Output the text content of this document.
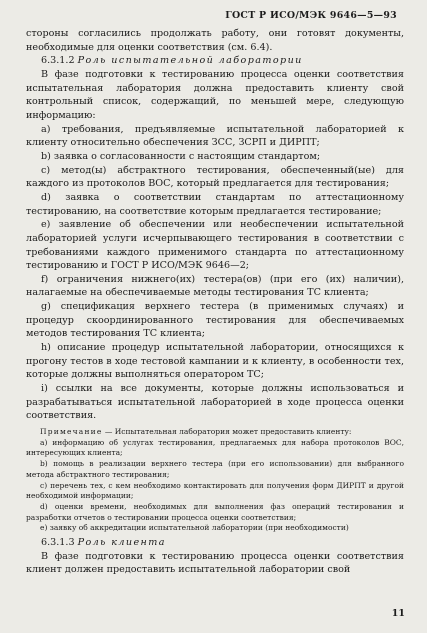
ГОСТ Р ИСО/МЭК 9646—5—93

стороны согласились продолжать работу, они готовят документы, необходимые для оценки соответствия (см. 6.4).

6.3.1.2 Роль испытательной лаборатории

В фазе подготовки к тестированию процесса оценки соответствия испытательная лаборатория должна предоставить клиенту свой контрольный список, содержащий, по меньшей мере, следующую информацию:

а) требования, предъявляемые испытательной лабораторией к клиенту относительно обеспечения ЗСС, ЗСРП и ДИРПТ;

b) заявка о согласованности с настоящим стандартом;

c) метод(ы) абстрактного тестирования, обеспеченный(ые) для каждого из протоколов ВОС, который предлагается для тестирования;

d) заявка о соответствии стандартам по аттестационному тестированию, на соответствие которым предлагается тестирование;

e) заявление об обеспечении или необеспечении испытательной лабораторией услуги исчерпывающего тестирования в соответствии с требованиями каждого применимого стандарта по аттестационному тестированию и ГОСТ Р ИСО/МЭК 9646—2;

f) ограничения нижнего(их) тестера(ов) (при его (их) наличии), налагаемые на обеспечиваемые методы тестирования ТС клиента;

g) спецификация верхнего тестера (в применимых случаях) и процедур скоординированного тестирования для обеспечиваемых методов тестирования ТС клиента;

h) описание процедур испытательной лаборатории, относящихся к прогону тестов в ходе тестовой кампании и к клиенту, в особенности тех, которые должны выполняться оператором ТС;

i) ссылки на все документы, которые должны использоваться и разрабатываться испытательной лабораторией в ходе процесса оценки соответствия.

Примечание — Испытательная лаборатория может предоставить клиенту:

a) информацию об услугах тестирования, предлагаемых для набора протоколов ВОС, интересующих клиента;

b) помощь в реализации верхнего тестера (при его использовании) для выбранного метода абстрактного тестирования;

c) перечень тех, с кем необходимо контактировать для получения форм ДИРПТ и другой необходимой информации;

d) оценки времени, необходимых для выполнения фаз операций тестирования и разработки отчетов о тестировании процесса оценки соответствия;

e) заявку об аккредитации испытательной лаборатории (при необходимости)

6.3.1.3 Роль клиента

В фазе подготовки к тестированию процесса оценки соответствия клиент должен предоставить испытательной лаборатории свой

11
